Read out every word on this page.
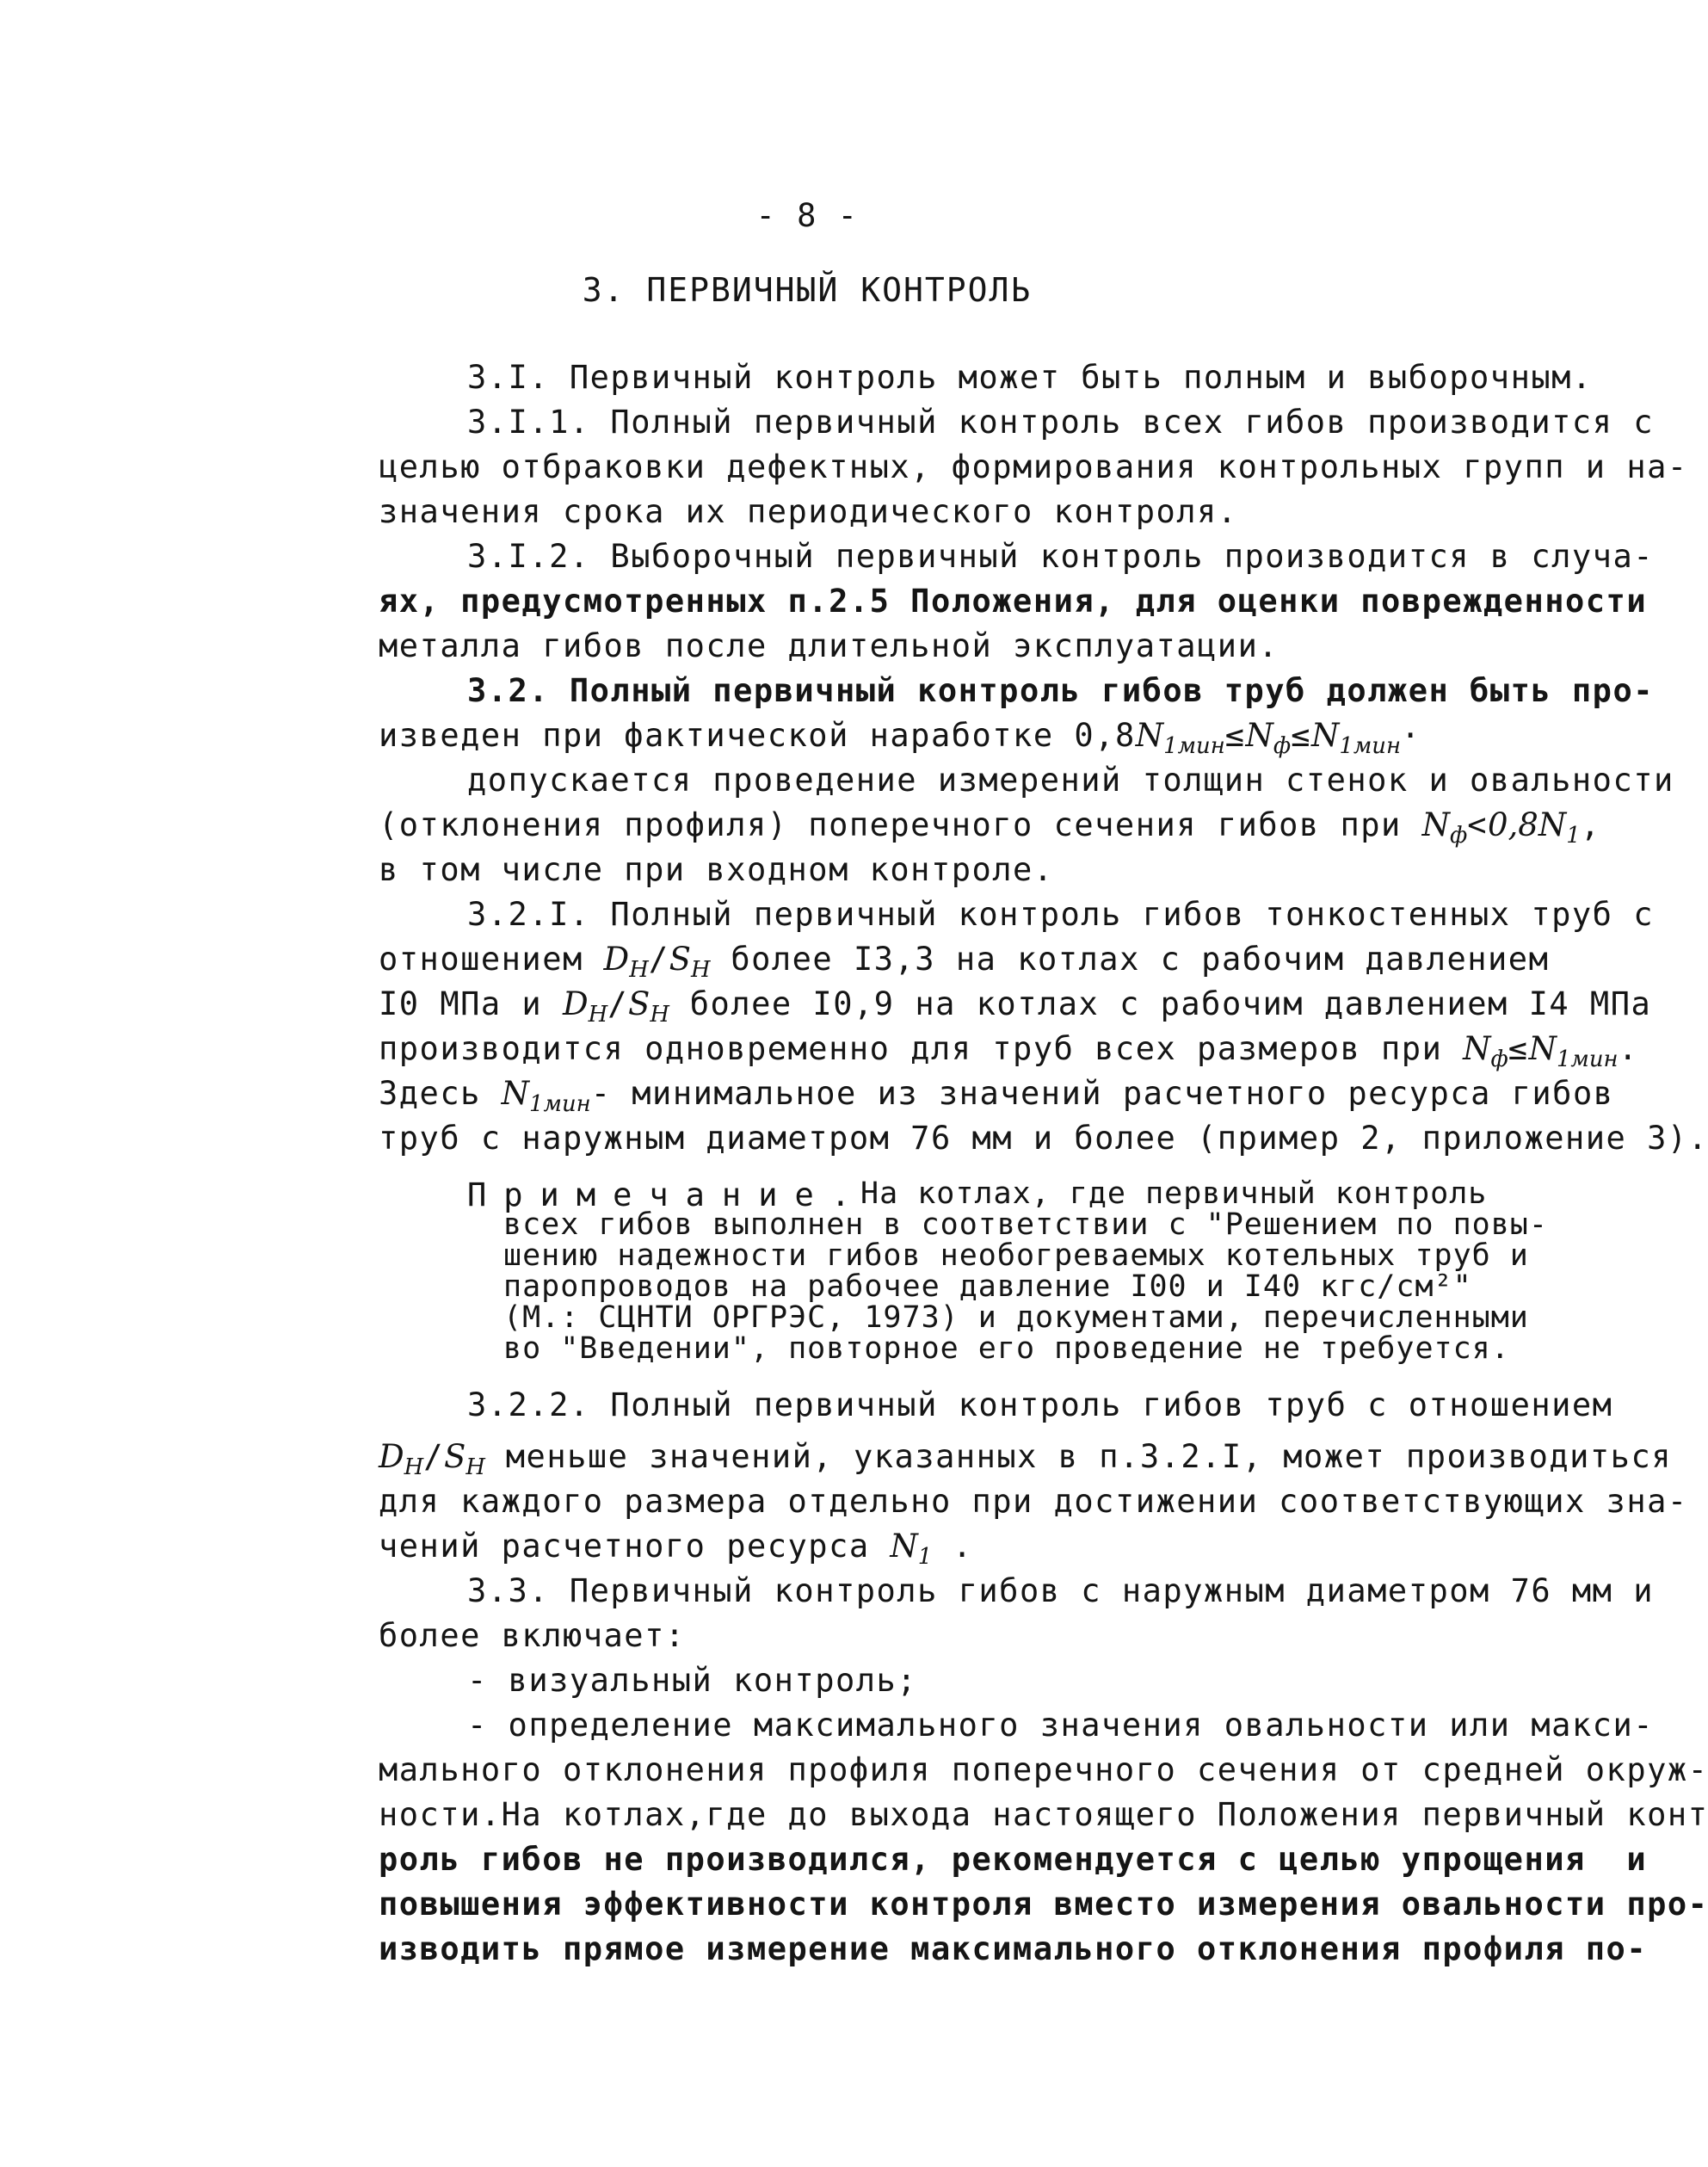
- 8 -
3. ПЕРВИЧНЫЙ КОНТРОЛЬ
3.I. Первичный контроль может быть полным и выборочным.
3.I.1. Полный первичный контроль всех гибов производится с
целью отбраковки дефектных, формирования контрольных групп и на-
значения срока их периодического контроля.
3.I.2. Выборочный первичный контроль производится в случа-
ях, предусмотренных п.2.5 Положения, для оценки поврежденности
металла гибов после длительной эксплуатации.
3.2. Полный первичный контроль гибов труб должен быть про-
изведен при фактической наработке $0,8N_{1мин}\le N_ф\le N_{1мин}\cdot$
допускается проведение измерений толщин стенок и овальности
(отклонения профиля) поперечного сечения гибов при $N_ф<0,8N_1$,
в том числе при входном контроле.
3.2.I. Полный первичный контроль гибов тонкостенных труб с
отношением $D_H/S_H$ более I3,3 на котлах с рабочим давлением
I0 МПа и $D_H/S_H$ более I0,9 на котлах с рабочим давлением I4 МПа
производится одновременно для труб всех размеров при $N_ф\le N_{1мин}$.
Здесь $N_{1мин}-$ минимальное из значений расчетного ресурса гибов
труб с наружным диаметром 76 мм и более (пример 2, приложение 3).
Примечание.
На котлах, где первичный контроль
всех гибов выполнен в соответствии с "Решением по повы-
шению надежности гибов необогреваемых котельных труб и
паропроводов на рабочее давление I00 и I40 кгс/см²"
(М.: СЦНТИ ОРГРЭС, 1973) и документами, перечисленными
во "Введении", повторное его проведение не требуется.
3.2.2. Полный первичный контроль гибов труб с отношением
$D_H/S_H$ меньше значений, указанных в п.3.2.I, может производиться
для каждого размера отдельно при достижении соответствующих зна-
чений расчетного ресурса $N_1$ .
3.3. Первичный контроль гибов с наружным диаметром 76 мм и
более включает:
- визуальный контроль;
- определение максимального значения овальности или макси-
мального отклонения профиля поперечного сечения от средней окруж-
ности.На котлах,где до выхода настоящего Положения первичный конт
роль гибов не производился, рекомендуется с целью упрощения  и
повышения эффективности контроля вместо измерения овальности про-
изводить прямое измерение максимального отклонения профиля по-
